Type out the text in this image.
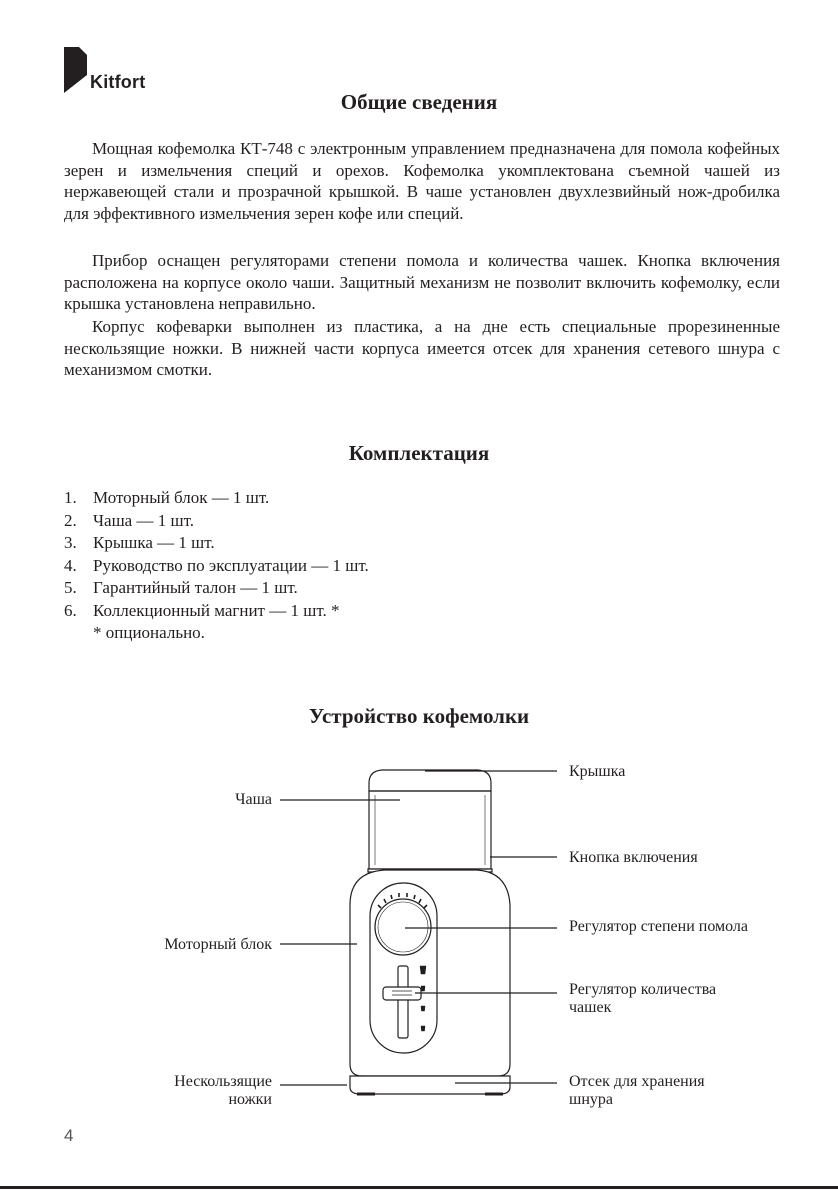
Kitfort
Общие сведения

Мощная кофемолка КТ-748 с электронным управлением предназначена для помола кофейных зерен и измельчения специй и орехов. Кофемолка укомплектована съемной чашей из нержавеющей стали и прозрачной крышкой. В чаше установлен двухлезвийный нож-дробилка для эффективного измельчения зерен кофе или специй.

Прибор оснащен регуляторами степени помола и количества чашек. Кнопка включения расположена на корпусе около чаши. Защитный механизм не позволит включить кофемолку, если крышка установлена неправильно.

Корпус кофеварки выполнен из пластика, а на дне есть специальные прорезиненные нескользящие ножки. В нижней части корпуса имеется отсек для хранения сетевого шнура с механизмом смотки.

Комплектация
1. Моторный блок — 1 шт.
2. Чаша — 1 шт.
3. Крышка — 1 шт.
4. Руководство по эксплуатации — 1 шт.
5. Гарантийный талон — 1 шт.
6. Коллекционный магнит — 1 шт. *

* опционально.

Устройство кофемолки

Крышка

Чаша

Кнопка включения

Регулятор степени помола

Моторный блок

Регулятор количества

чашек

Нескользящие

ножки

Отсек для хранения

шнура

4
